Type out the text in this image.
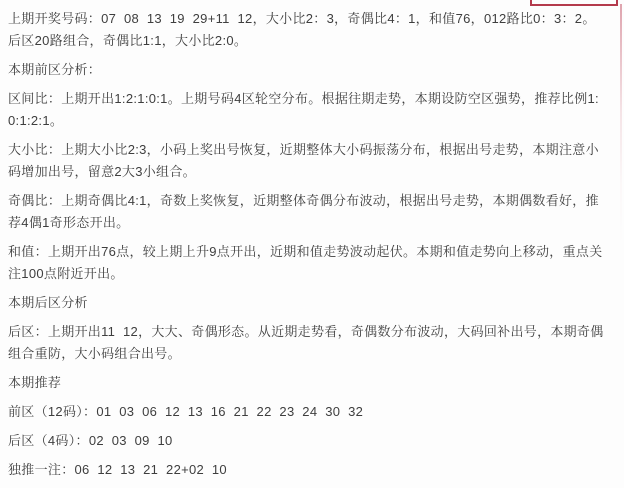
上期开奖号码：07  08  13  19  29+11  12，大小比2：3，奇偶比4：1，和值76，012路比0：3：2。后区20路组合，奇偶比1:1，大小比2:0。

本期前区分析：

区间比：上期开出1:2:1:0:1。上期号码4区轮空分布。根据往期走势，本期设防空区强势，推荐比例1:0:1:2:1。

大小比：上期大小比2:3，小码上奖出号恢复，近期整体大小码振荡分布，根据出号走势，本期注意小码增加出号，留意2大3小组合。

奇偶比：上期奇偶比4:1，奇数上奖恢复，近期整体奇偶分布波动，根据出号走势，本期偶数看好，推荐4偶1奇形态开出。

和值：上期开出76点，较上期上升9点开出，近期和值走势波动起伏。本期和值走势向上移动，重点关注100点附近开出。

本期后区分析

后区：上期开出11  12，大大、奇偶形态。从近期走势看，奇偶数分布波动，大码回补出号，本期奇偶组合重防，大小码组合出号。

本期推荐

前区（12码）：01  03  06  12  13  16  21  22  23  24  30  32

后区（4码）：02  03  09  10

独推一注：06  12  13  21  22+02  10
